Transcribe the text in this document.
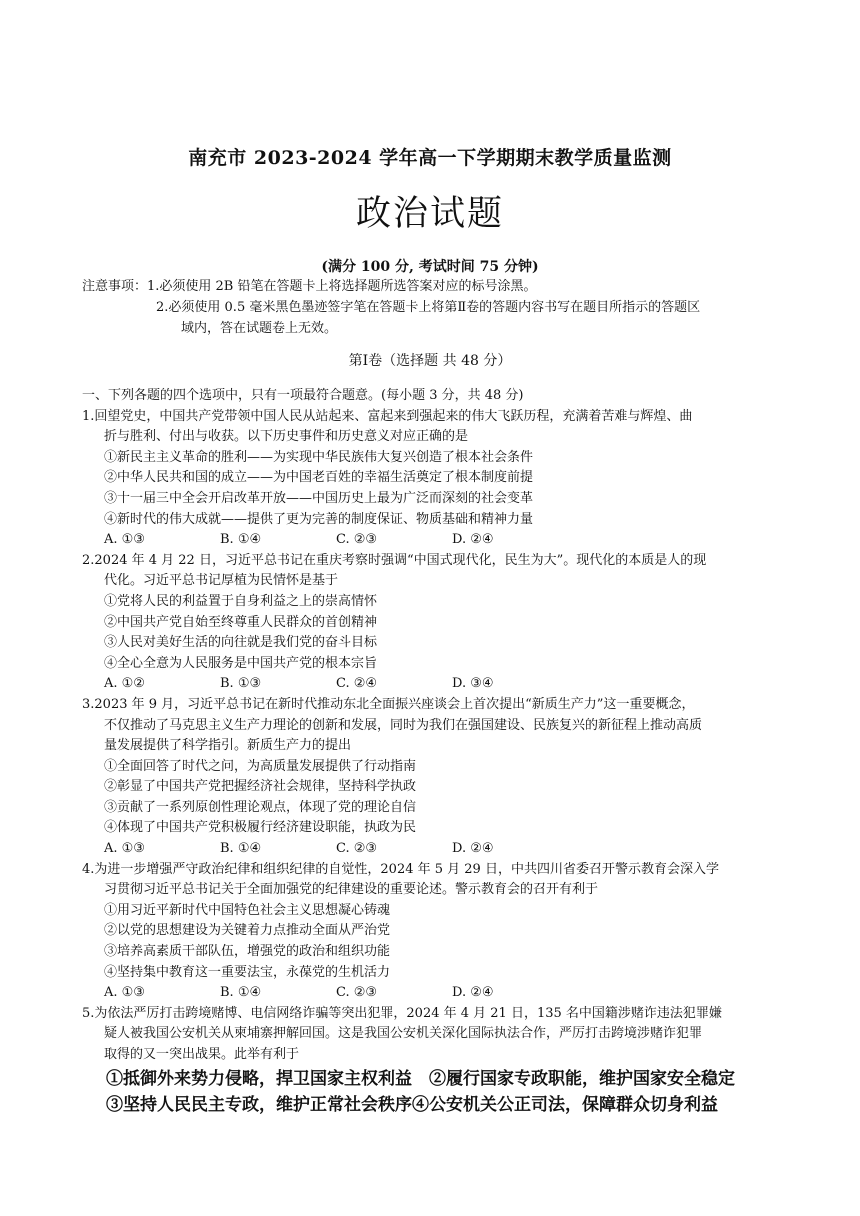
南充市 2023-2024 学年高一下学期期末教学质量监测
政治试题
(满分 100 分, 考试时间 75 分钟)
注意事项：1.必须使用 2B 铅笔在答题卡上将选择题所选答案对应的标号涂黑。
2.必须使用 0.5 毫米黑色墨迹签字笔在答题卡上将第Ⅱ卷的答题内容书写在题目所指示的答题区
域内，答在试题卷上无效。
第Ⅰ卷（选择题 共 48 分）
一、下列各题的四个选项中，只有一项最符合题意。(每小题 3 分，共 48 分)
1.回望党史，中国共产党带领中国人民从站起来、富起来到强起来的伟大飞跃历程，充满着苦难与辉煌、曲
折与胜利、付出与收获。以下历史事件和历史意义对应正确的是
①新民主主义革命的胜利——为实现中华民族伟大复兴创造了根本社会条件
②中华人民共和国的成立——为中国老百姓的幸福生活奠定了根本制度前提
③十一届三中全会开启改革开放——中国历史上最为广泛而深刻的社会变革
④新时代的伟大成就——提供了更为完善的制度保证、物质基础和精神力量
A. ①③	B. ①④	C. ②③	D. ②④
2.2024 年 4 月 22 日，习近平总书记在重庆考察时强调“中国式现代化，民生为大”。现代化的本质是人的现
代化。习近平总书记厚植为民情怀是基于
①党将人民的利益置于自身利益之上的崇高情怀
②中国共产党自始至终尊重人民群众的首创精神
③人民对美好生活的向往就是我们党的奋斗目标
④全心全意为人民服务是中国共产党的根本宗旨
A. ①②	B. ①③	C. ②④	D. ③④
3.2023 年 9 月，习近平总书记在新时代推动东北全面振兴座谈会上首次提出“新质生产力”这一重要概念，
不仅推动了马克思主义生产力理论的创新和发展，同时为我们在强国建设、民族复兴的新征程上推动高质
量发展提供了科学指引。新质生产力的提出
①全面回答了时代之问，为高质量发展提供了行动指南
②彰显了中国共产党把握经济社会规律，坚持科学执政
③贡献了一系列原创性理论观点，体现了党的理论自信
④体现了中国共产党积极履行经济建设职能，执政为民
A. ①③	B. ①④	C. ②③	D. ②④
4.为进一步增强严守政治纪律和组织纪律的自觉性，2024 年 5 月 29 日，中共四川省委召开警示教育会深入学
习贯彻习近平总书记关于全面加强党的纪律建设的重要论述。警示教育会的召开有利于
①用习近平新时代中国特色社会主义思想凝心铸魂
②以党的思想建设为关键着力点推动全面从严治党
③培养高素质干部队伍，增强党的政治和组织功能
④坚持集中教育这一重要法宝，永葆党的生机活力
A. ①③	B. ①④	C. ②③	D. ②④
5.为依法严厉打击跨境赌博、电信网络诈骗等突出犯罪，2024 年 4 月 21 日，135 名中国籍涉赌诈违法犯罪嫌
疑人被我国公安机关从柬埔寨押解回国。这是我国公安机关深化国际执法合作，严厉打击跨境涉赌诈犯罪
取得的又一突出战果。此举有利于
①抵御外来势力侵略，捍卫国家主权利益　②履行国家专政职能，维护国家安全稳定
③坚持人民民主专政，维护正常社会秩序④公安机关公正司法，保障群众切身利益
